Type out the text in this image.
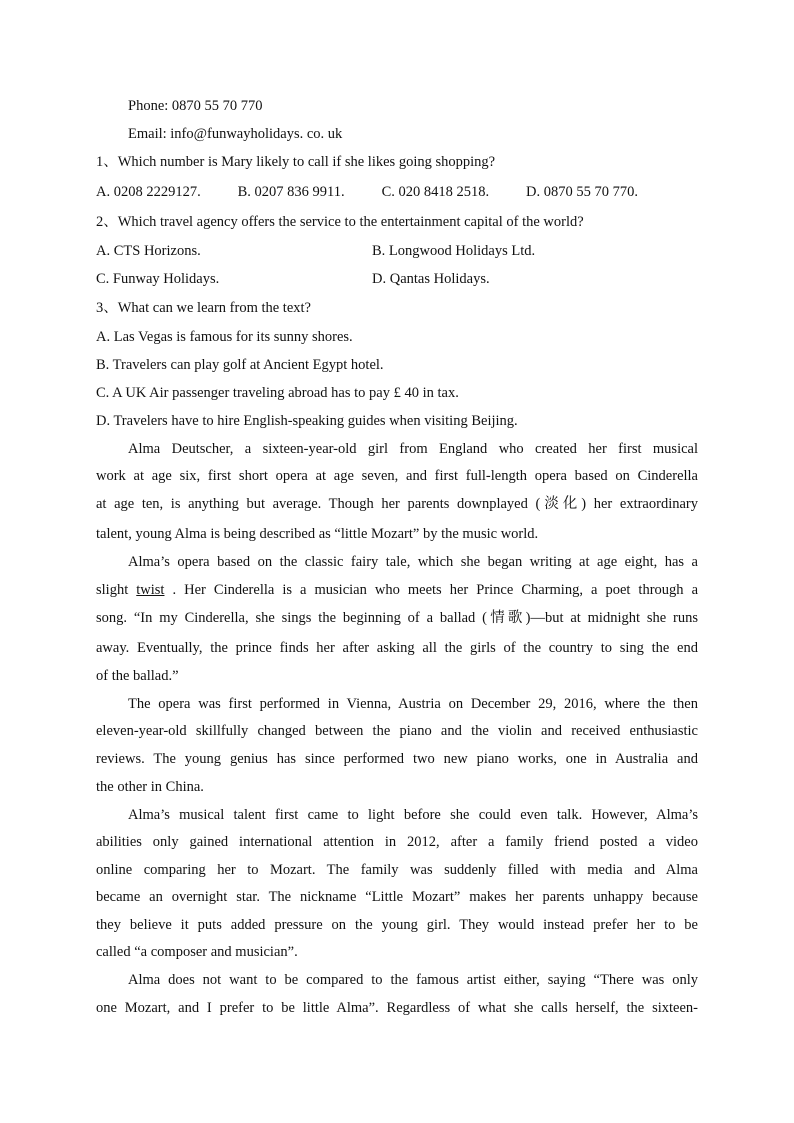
Phone: 0870 55 70 770
Email: info@funwayholidays. co. uk
1、Which number is Mary likely to call if she likes going shopping?
A. 0208 2229127.	B. 0207 836 9911.	C. 020 8418 2518.	D. 0870 55 70 770.
2、Which travel agency offers the service to the entertainment capital of the world?
A. CTS Horizons.	B. Longwood Holidays Ltd.
C. Funway Holidays.	D. Qantas Holidays.
3、What can we learn from the text?
A. Las Vegas is famous for its sunny shores.
B. Travelers can play golf at Ancient Egypt hotel.
C. A UK Air passenger traveling abroad has to pay £ 40 in tax.
D. Travelers have to hire English-speaking guides when visiting Beijing.
Alma Deutscher, a sixteen-year-old girl from England who created her first musical
work at age six, first short opera at age seven, and first full-length opera based on Cinderella
at age ten, is anything but average. Though her parents downplayed (淡化) her extraordinary
talent, young Alma is being described as “little Mozart” by the music world.
Alma’s opera based on the classic fairy tale, which she began writing at age eight, has a
slight twist . Her Cinderella is a musician who meets her Prince Charming, a poet through a
song. “In my Cinderella, she sings the beginning of a ballad (情歌)—but at midnight she runs
away. Eventually, the prince finds her after asking all the girls of the country to sing the end
of the ballad.”
The opera was first performed in Vienna, Austria on December 29, 2016, where the then
eleven-year-old skillfully changed between the piano and the violin and received enthusiastic
reviews. The young genius has since performed two new piano works, one in Australia and
the other in China.
Alma’s musical talent first came to light before she could even talk. However, Alma’s
abilities only gained international attention in 2012, after a family friend posted a video
online comparing her to Mozart. The family was suddenly filled with media and Alma
became an overnight star. The nickname “Little Mozart” makes her parents unhappy because
they believe it puts added pressure on the young girl. They would instead prefer her to be
called “a composer and musician”.
Alma does not want to be compared to the famous artist either, saying “There was only
one Mozart, and I prefer to be little Alma”. Regardless of what she calls herself, the sixteen-
